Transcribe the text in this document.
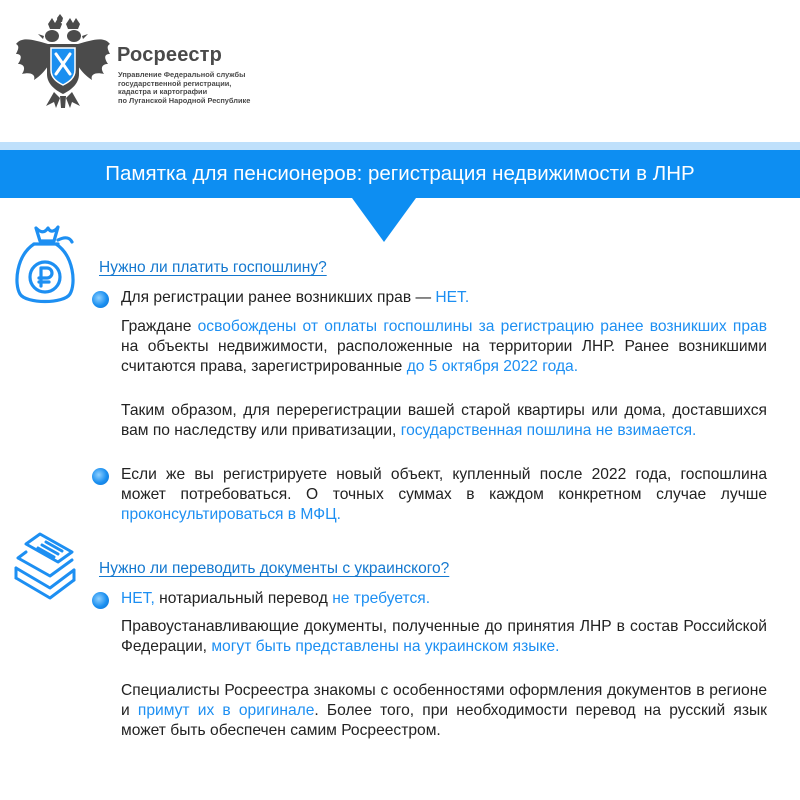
Росреестр
Управление Федеральной службы
государственной регистрации,
кадастра и картографии
по Луганской Народной Республике
Памятка для пенсионеров: регистрация недвижимости в ЛНР
Нужно ли платить госпошлину?
Для регистрации ранее возникших прав — НЕТ.
Граждане освобождены от оплаты госпошлины за регистрацию ранее возникших прав на объекты недвижимости, расположенные на территории ЛНР. Ранее возникшими считаются права, зарегистрированные до 5 октября 2022 года.
Таким образом, для перерегистрации вашей старой квартиры или дома, доставшихся вам по наследству или приватизации, государственная пошлина не взимается.
Если же вы регистрируете новый объект, купленный после 2022 года, госпошлина может потребоваться. О точных суммах в каждом конкретном случае лучше проконсультироваться в МФЦ.
Нужно ли переводить документы с украинского?
НЕТ, нотариальный перевод не требуется.
Правоустанавливающие документы, полученные до принятия ЛНР в состав Российской Федерации, могут быть представлены на украинском языке.
Специалисты Росреестра знакомы с особенностями оформления документов в регионе и примут их в оригинале. Более того, при необходимости перевод на русский язык может быть обеспечен самим Росреестром.
